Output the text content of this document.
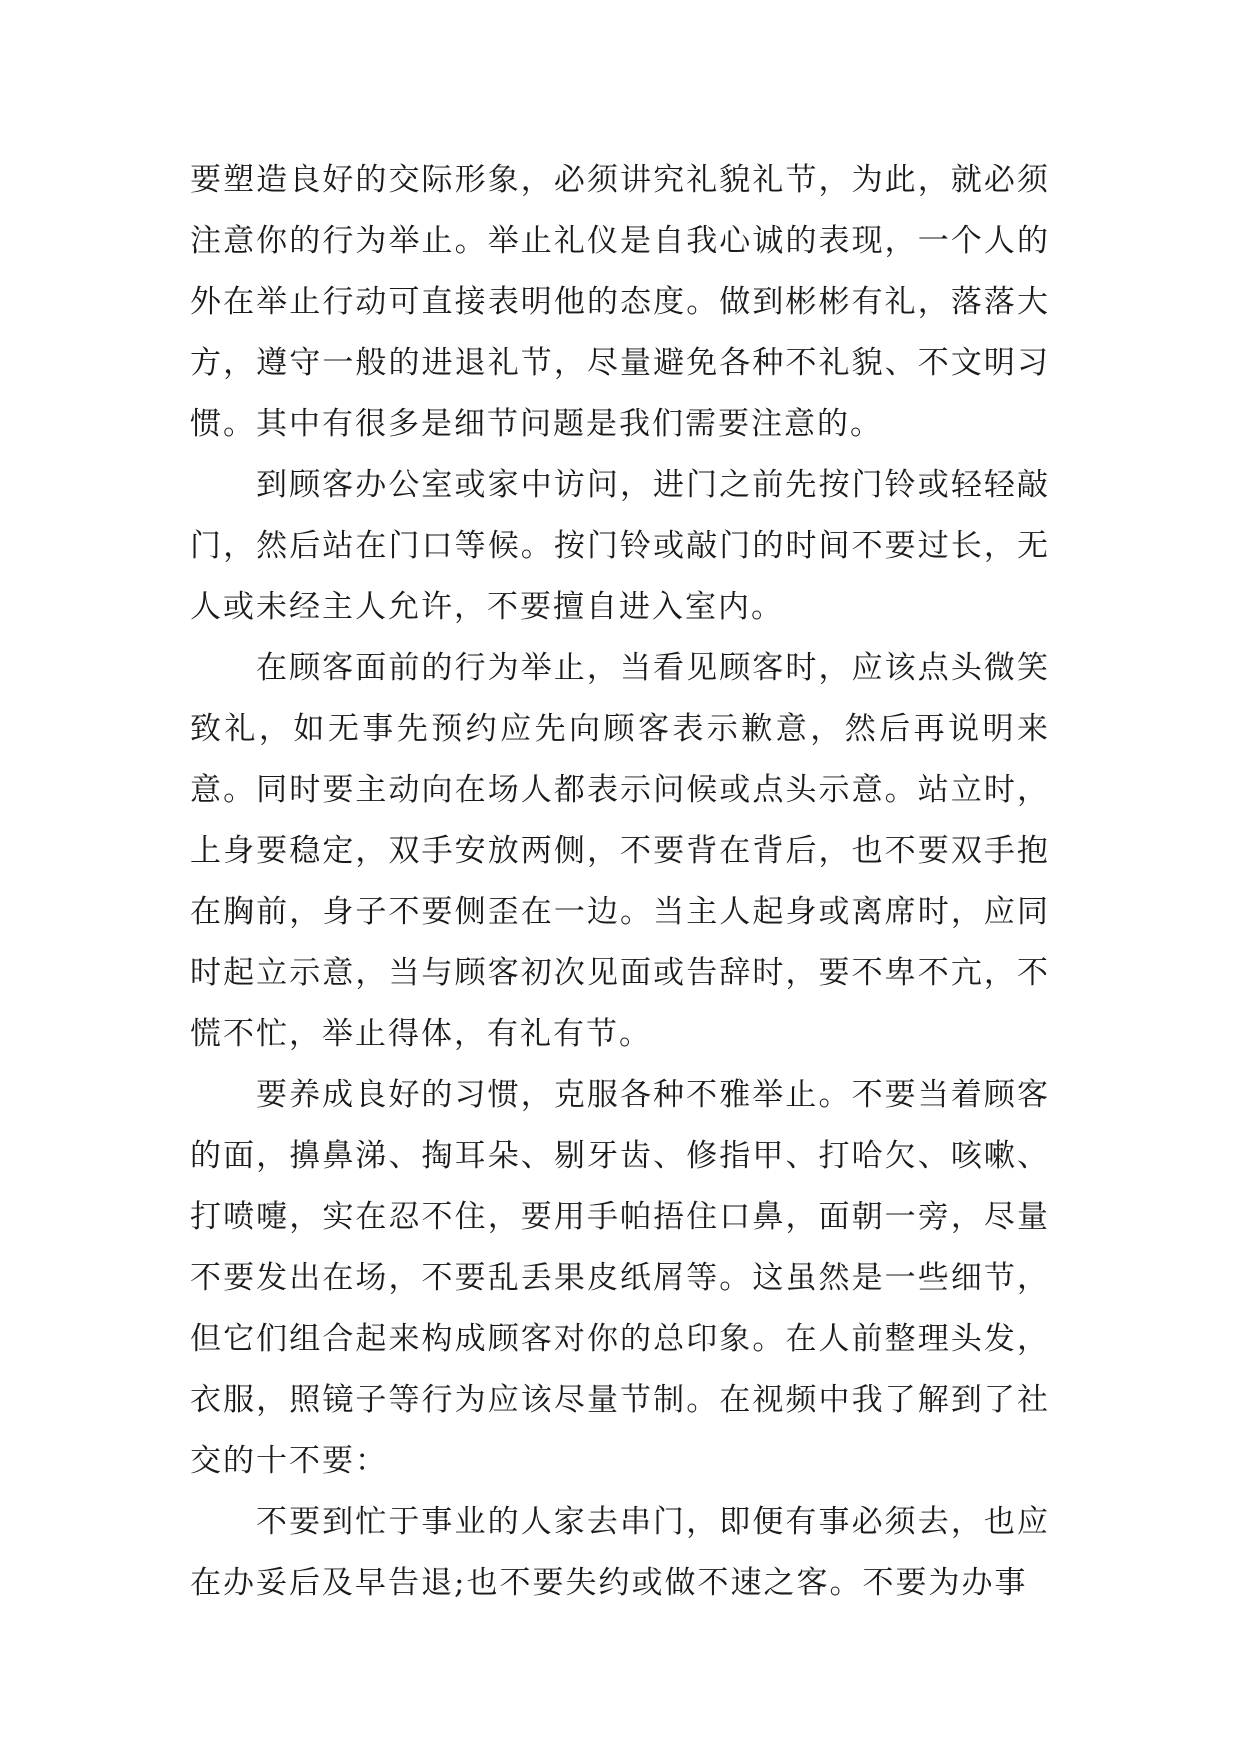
要塑造良好的交际形象，必须讲究礼貌礼节，为此，就必须注意你的行为举止。举止礼仪是自我心诚的表现，一个人的外在举止行动可直接表明他的态度。做到彬彬有礼，落落大方，遵守一般的进退礼节，尽量避免各种不礼貌、不文明习惯。其中有很多是细节问题是我们需要注意的。

到顾客办公室或家中访问，进门之前先按门铃或轻轻敲门，然后站在门口等候。按门铃或敲门的时间不要过长，无人或未经主人允许，不要擅自进入室内。

在顾客面前的行为举止，当看见顾客时，应该点头微笑致礼，如无事先预约应先向顾客表示歉意，然后再说明来意。同时要主动向在场人都表示问候或点头示意。站立时，上身要稳定，双手安放两侧，不要背在背后，也不要双手抱在胸前，身子不要侧歪在一边。当主人起身或离席时，应同时起立示意，当与顾客初次见面或告辞时，要不卑不亢，不慌不忙，举止得体，有礼有节。

要养成良好的习惯，克服各种不雅举止。不要当着顾客的面，擤鼻涕、掏耳朵、剔牙齿、修指甲、打哈欠、咳嗽、打喷嚏，实在忍不住，要用手帕捂住口鼻，面朝一旁，尽量不要发出在场，不要乱丢果皮纸屑等。这虽然是一些细节，但它们组合起来构成顾客对你的总印象。在人前整理头发，衣服，照镜子等行为应该尽量节制。在视频中我了解到了社交的十不要：

不要到忙于事业的人家去串门，即便有事必须去，也应在办妥后及早告退;也不要失约或做不速之客。不要为办事
